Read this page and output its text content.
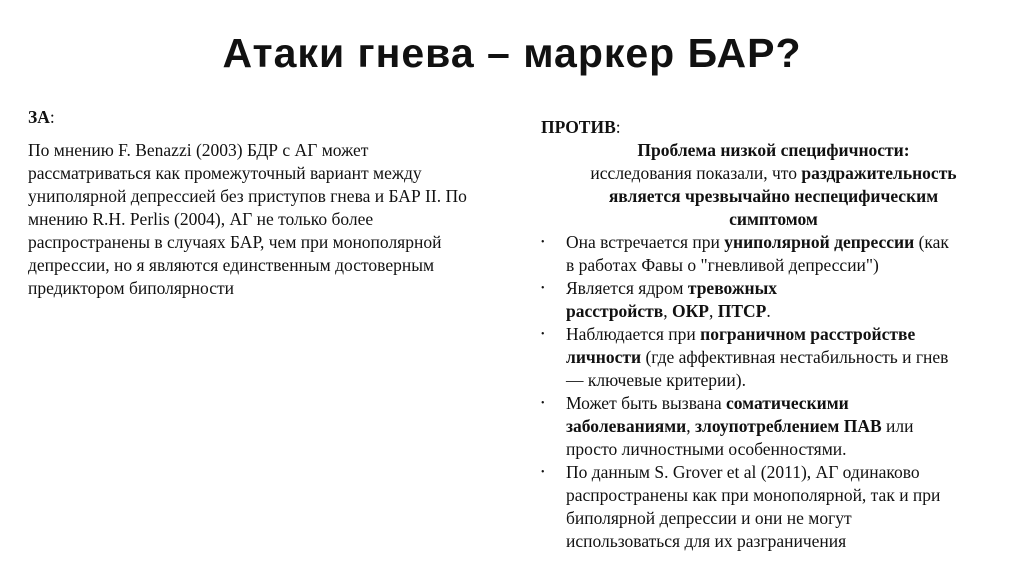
Атаки гнева – маркер БАР?
ЗА:
По мнению F. Benazzi (2003) БДР с АГ может
рассматриваться как промежуточный вариант между
униполярной депрессией без приступов гнева и БАР II. По
мнению R.H. Perlis (2004), АГ не только более
распространены в случаях БАР, чем при монополярной
депрессии, но я являются единственным достоверным
предиктором биполярности
ПРОТИВ:
Проблема низкой специфичности:
исследования показали, что раздражительность
является чрезвычайно неспецифическим
симптомом
• Она встречается при униполярной депрессии (как
в работах Фавы о "гневливой депрессии")
• Является ядром тревожных
расстройств, ОКР, ПТСР.
• Наблюдается при пограничном расстройстве
личности (где аффективная нестабильность и гнев
— ключевые критерии).
• Может быть вызвана соматическими
заболеваниями, злоупотреблением ПАВ или
просто личностными особенностями.
• По данным S. Grover et al (2011), АГ одинаково
распространены как при монополярной, так и при
биполярной депрессии и они не могут
использоваться для их разграничения
